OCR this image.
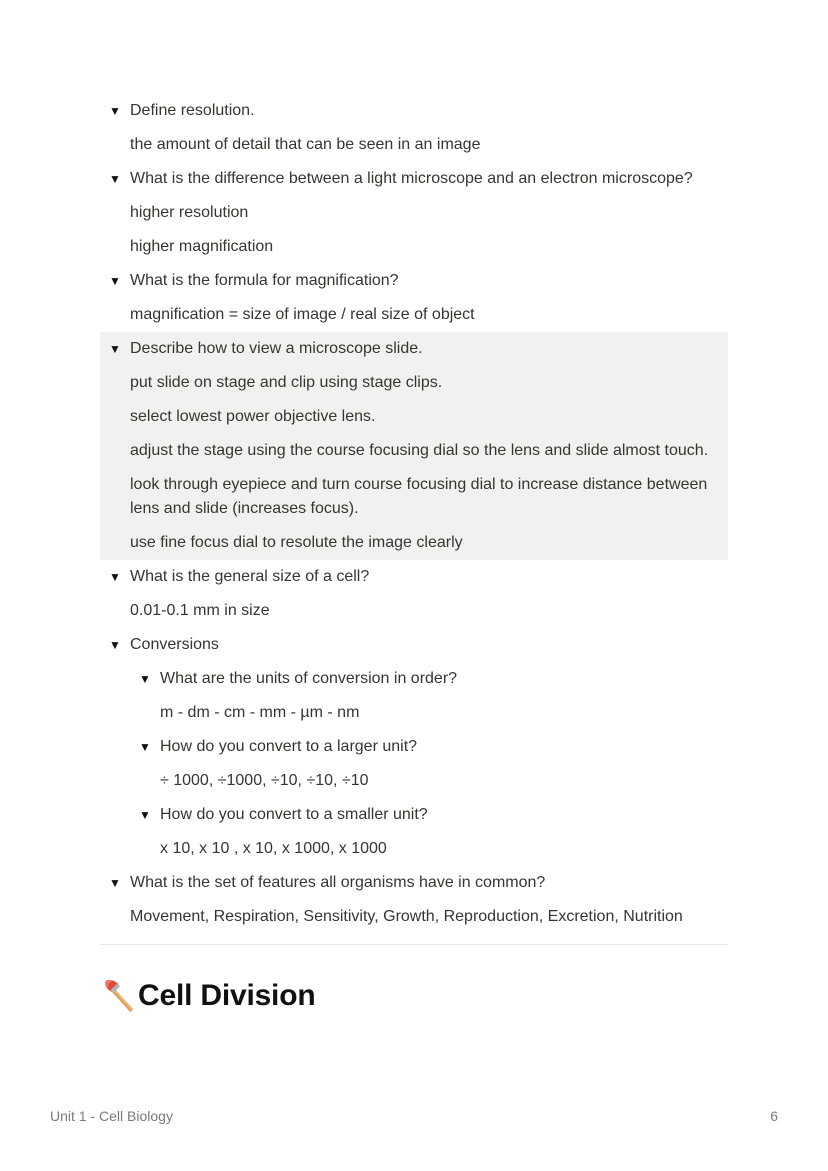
▼ Define resolution.
the amount of detail that can be seen in an image
▼ What is the difference between a light microscope and an electron microscope?
higher resolution
higher magnification
▼ What is the formula for magnification?
magnification = size of image / real size of object
▼ Describe how to view a microscope slide.
put slide on stage and clip using stage clips.
select lowest power objective lens.
adjust the stage using the course focusing dial so the lens and slide almost touch.
look through eyepiece and turn course focusing dial to increase distance between lens and slide (increases focus).
use fine focus dial to resolute the image clearly
▼ What is the general size of a cell?
0.01-0.1 mm in size
▼ Conversions
▼ What are the units of conversion in order?
m - dm - cm - mm - µm - nm
▼ How do you convert to a larger unit?
÷ 1000, ÷1000, ÷10, ÷10, ÷10
▼ How do you convert to a smaller unit?
x 10, x 10 , x 10, x 1000, x 1000
▼ What is the set of features all organisms have in common?
Movement, Respiration, Sensitivity, Growth, Reproduction, Excretion, Nutrition
Cell Division
Unit 1 - Cell Biology	6
